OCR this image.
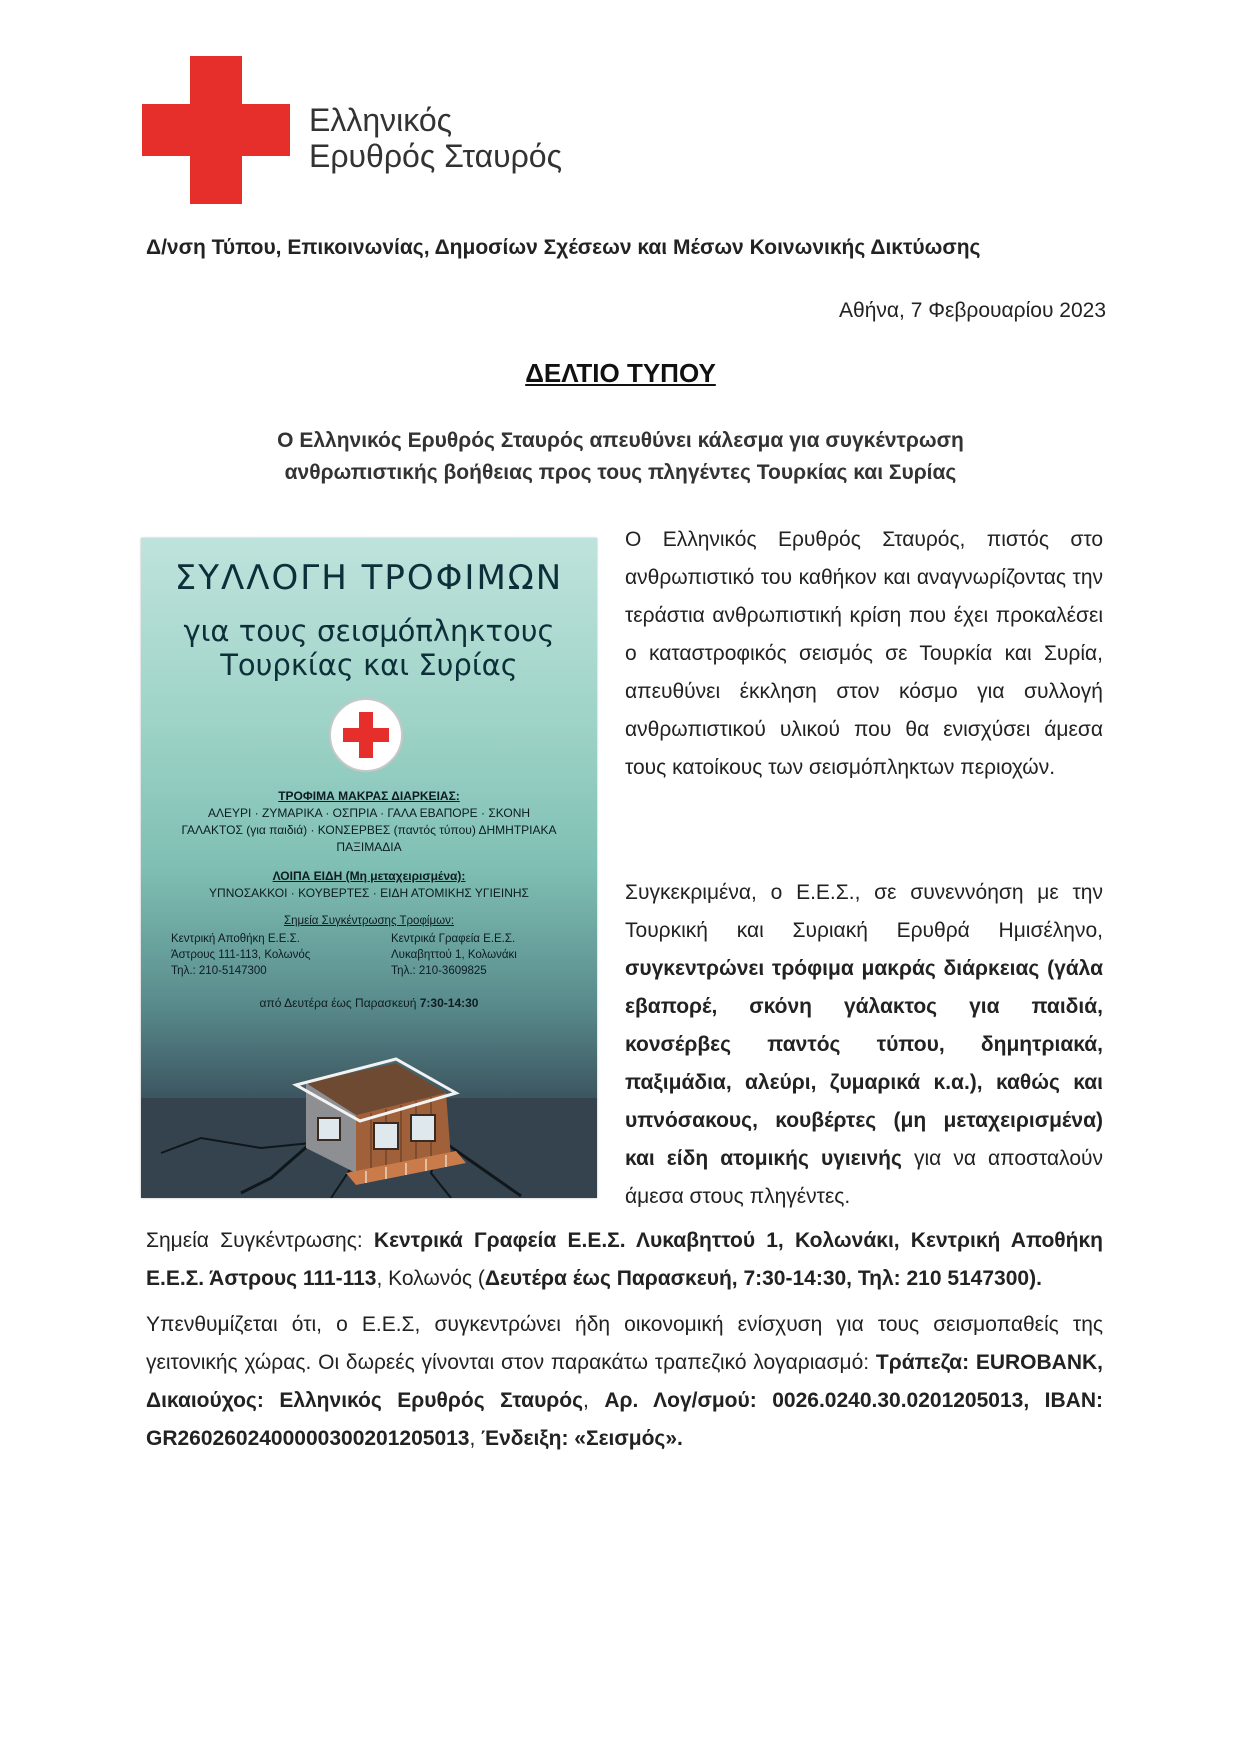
Ελληνικός
Ερυθρός Σταυρός
Δ/νση Τύπου, Επικοινωνίας, Δημοσίων Σχέσεων και Μέσων Κοινωνικής Δικτύωσης
Αθήνα, 7 Φεβρουαρίου 2023
ΔΕΛΤΙΟ ΤΥΠΟΥ
Ο Ελληνικός Ερυθρός Σταυρός απευθύνει κάλεσμα για συγκέντρωση ανθρωπιστικής βοήθειας προς τους πληγέντες Τουρκίας και Συρίας
ΣΥΛΛΟΓΗ ΤΡΟΦΙΜΩΝ
για τους σεισμόπληκτους
Τουρκίας και Συρίας
ΤΡΟΦΙΜΑ ΜΑΚΡΑΣ ΔΙΑΡΚΕΙΑΣ:
ΑΛΕΥΡΙ · ΖΥΜΑΡΙΚΑ · ΟΣΠΡΙΑ · ΓΑΛΑ ΕΒΑΠΟΡΕ · ΣΚΟΝΗ
ΓΑΛΑΚΤΟΣ (για παιδιά) · ΚΟΝΣΕΡΒΕΣ (παντός τύπου) ΔΗΜΗΤΡΙΑΚΑ
ΠΑΞΙΜΑΔΙΑ
ΛΟΙΠΑ ΕΙΔΗ (Μη μεταχειρισμένα):
ΥΠΝΟΣΑΚΚΟΙ · ΚΟΥΒΕΡΤΕΣ · ΕΙΔΗ ΑΤΟΜΙΚΗΣ ΥΓΙΕΙΝΗΣ
Σημεία Συγκέντρωσης Τροφίμων:
Κεντρική Αποθήκη Ε.Ε.Σ.
Άστρους 111-113, Κολωνός
Τηλ.: 210-5147300
Κεντρικά Γραφεία Ε.Ε.Σ.
Λυκαβηττού 1, Κολωνάκι
Τηλ.: 210-3609825
από Δευτέρα έως Παρασκευή 7:30-14:30
Ο Ελληνικός Ερυθρός Σταυρός, πιστός στο ανθρωπιστικό του καθήκον και αναγνωρίζοντας την τεράστια ανθρωπιστική κρίση που έχει προκαλέσει ο καταστροφικός σεισμός σε Τουρκία και Συρία, απευθύνει έκκληση στον κόσμο για συλλογή ανθρωπιστικού υλικού που θα ενισχύσει άμεσα τους κατοίκους των σεισμόπληκτων περιοχών.
Συγκεκριμένα, ο Ε.Ε.Σ., σε συνεννόηση με την Τουρκική και Συριακή Ερυθρά Ημισέληνο, συγκεντρώνει τρόφιμα μακράς διάρκειας (γάλα εβαπορέ, σκόνη γάλακτος για παιδιά, κονσέρβες παντός τύπου, δημητριακά, παξιμάδια, αλεύρι, ζυμαρικά κ.α.), καθώς και υπνόσακους, κουβέρτες (μη μεταχειρισμένα) και είδη ατομικής υγιεινής για να αποσταλούν άμεσα στους πληγέντες.
Σημεία Συγκέντρωσης: Κεντρικά Γραφεία Ε.Ε.Σ. Λυκαβηττού 1, Κολωνάκι, Κεντρική Αποθήκη Ε.Ε.Σ. Άστρους 111-113, Κολωνός (Δευτέρα έως Παρασκευή, 7:30-14:30, Τηλ: 210 5147300).
Υπενθυμίζεται ότι, ο Ε.Ε.Σ, συγκεντρώνει ήδη οικονομική ενίσχυση για τους σεισμοπαθείς της γειτονικής χώρας. Οι δωρεές γίνονται στον παρακάτω τραπεζικό λογαριασμό: Τράπεζα: EUROBANK, Δικαιούχος: Ελληνικός Ερυθρός Σταυρός, Αρ. Λογ/σμού: 0026.0240.30.0201205013, IBAN: GR2602602400000300201205013, Ένδειξη: «Σεισμός».
